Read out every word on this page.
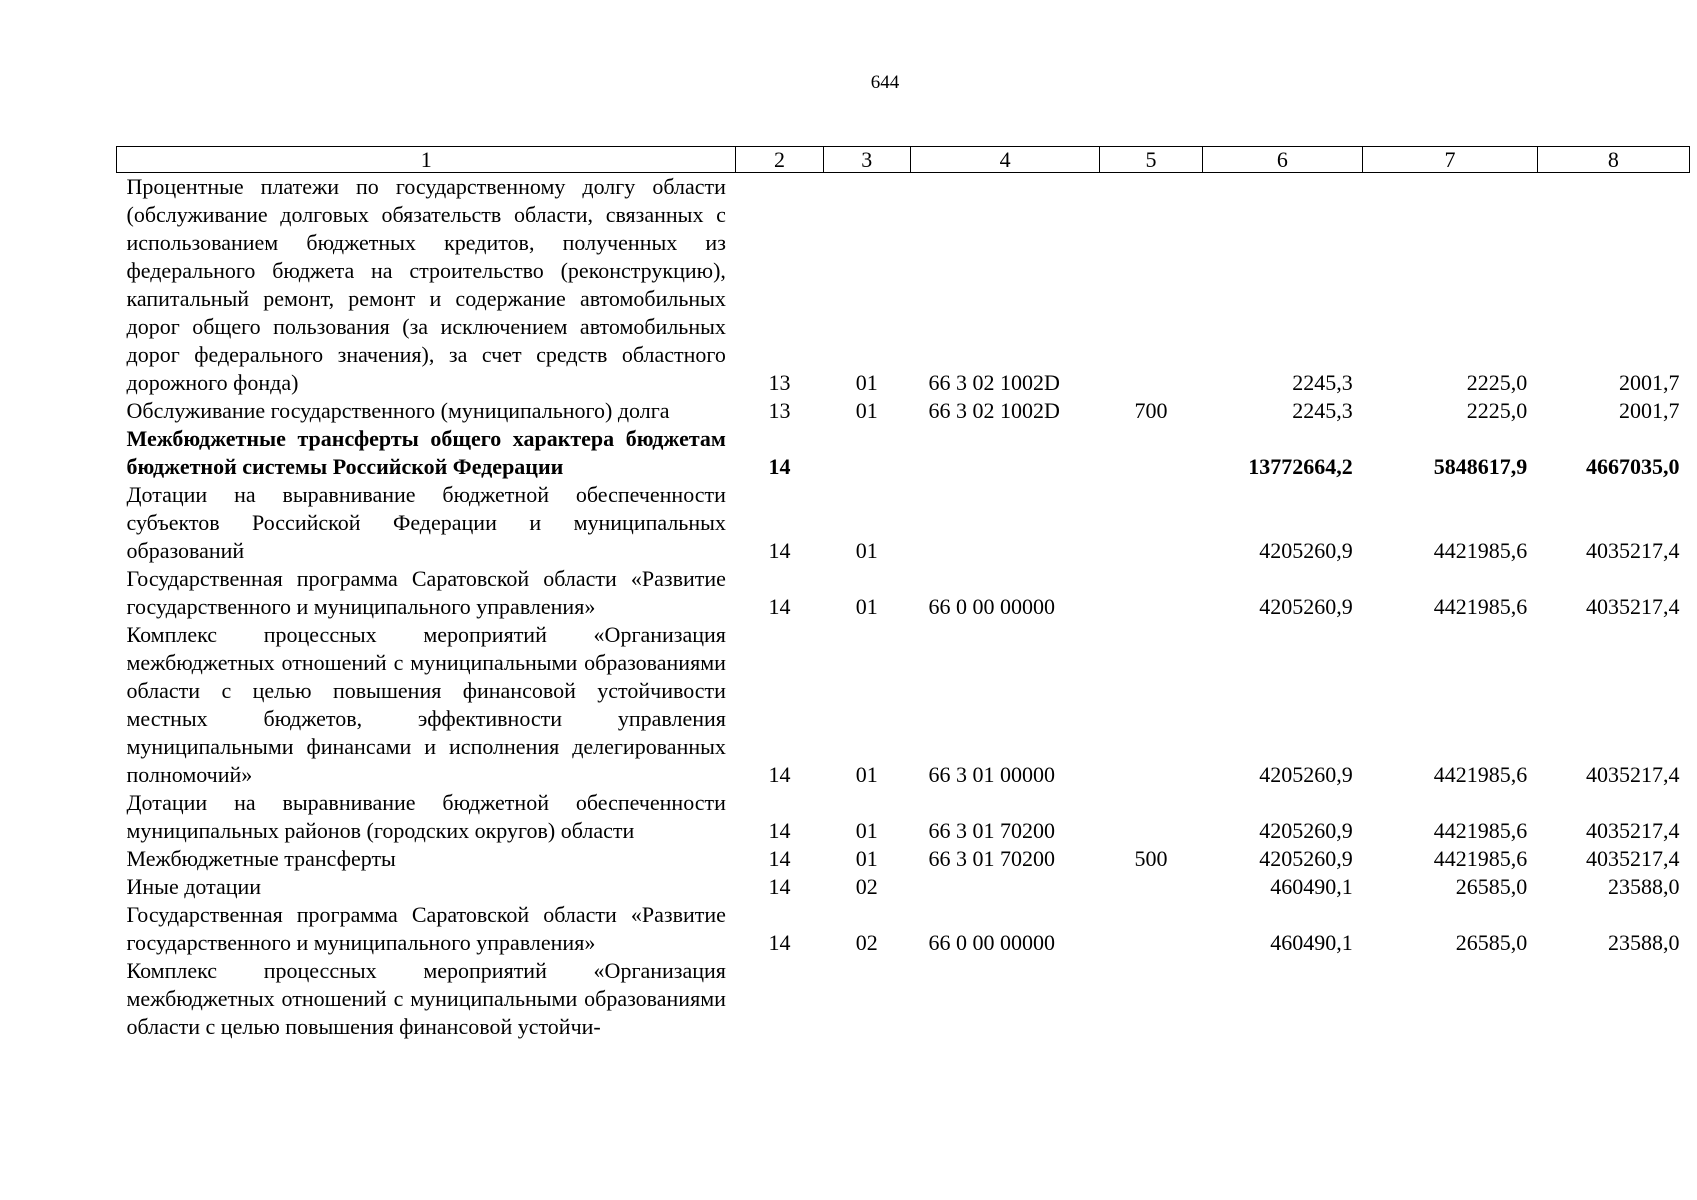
644
1	2	3	4	5	6	7	8
Процентные платежи по государственному долгу области (обслуживание долговых обязательств области, связанных с использованием бюджетных кредитов, полученных из федерального бюджета на строительство (реконструкцию), капитальный ремонт, ремонт и содержание автомобильных дорог общего пользования (за исключением автомобильных дорог федерального значения), за счет средств областного дорожного фонда)	13	01	66 3 02 1002D		2245,3	2225,0	2001,7
Обслуживание государственного (муниципального) долга	13	01	66 3 02 1002D	700	2245,3	2225,0	2001,7
Межбюджетные трансферты общего характера бюджетам бюджетной системы Российской Федерации	14				13772664,2	5848617,9	4667035,0
Дотации на выравнивание бюджетной обеспеченности субъектов Российской Федерации и муниципальных образований	14	01			4205260,9	4421985,6	4035217,4
Государственная программа Саратовской области «Развитие государственного и муниципального управления»	14	01	66 0 00 00000		4205260,9	4421985,6	4035217,4
Комплекс процессных мероприятий «Организация межбюджетных отношений с муниципальными образованиями области с целью повышения финансовой устойчивости местных бюджетов, эффективности управления муниципальными финансами и исполнения делегированных полномочий»	14	01	66 3 01 00000		4205260,9	4421985,6	4035217,4
Дотации на выравнивание бюджетной обеспеченности муниципальных районов (городских округов) области	14	01	66 3 01 70200		4205260,9	4421985,6	4035217,4
Межбюджетные трансферты	14	01	66 3 01 70200	500	4205260,9	4421985,6	4035217,4
Иные дотации	14	02			460490,1	26585,0	23588,0
Государственная программа Саратовской области «Развитие государственного и муниципального управления»	14	02	66 0 00 00000		460490,1	26585,0	23588,0
Комплекс процессных мероприятий «Организация межбюджетных отношений с муниципальными образованиями области с целью повышения финансовой устойчи-							
